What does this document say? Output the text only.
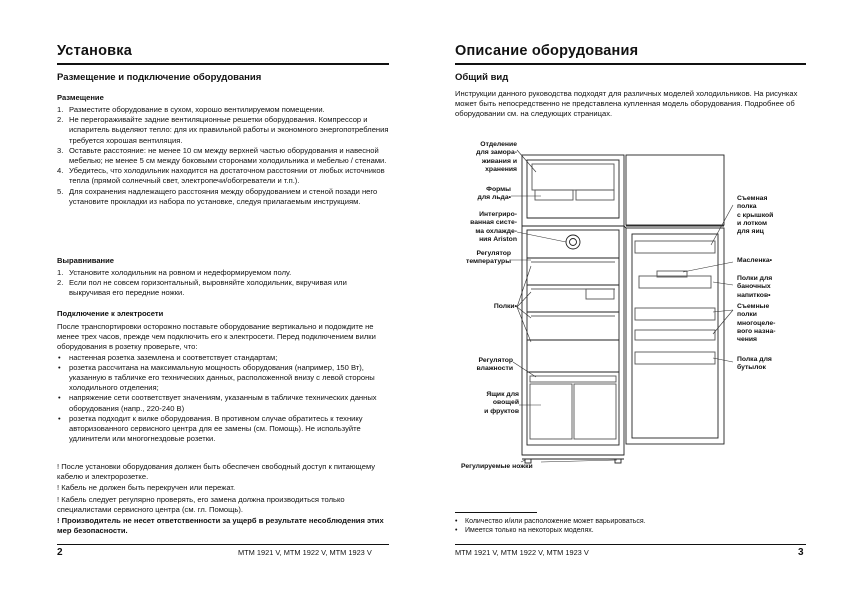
Установка
Размещение и подключение оборудования
Размещение
1. Разместите оборудование в сухом, хорошо вентилируемом помещении.
2. Не перегораживайте задние вентиляционные решетки оборудования. Компрессор и испаритель выделяют тепло: для их правильной работы и экономного энергопотребления требуется хорошая вентиляция.
3. Оставьте расстояние: не менее 10 см между верхней частью оборудования и навесной мебелью; не менее 5 см между боковыми сторонами холодильника и мебелью / стенами.
4. Убедитесь, что холодильник находится на достаточном расстоянии от любых источников тепла (прямой солнечный свет, электропечи/обогреватели и т.п.).
5. Для сохранения надлежащего расстояния между оборудованием и стеной позади него установите прокладки из набора по установке, следуя прилагаемым инструкциям.
Выравнивание
1. Установите холодильник на ровном и недеформируемом полу.
2. Если пол не совсем горизонтальный, выровняйте холодильник, вкручивая или выкручивая его передние ножки.
Подключение к электросети

После транспортировки осторожно поставьте оборудование вертикально и подождите не менее трех часов, прежде чем подключить его к электросети. Перед подключением вилки оборудования в розетку проверьте, что:

• настенная розетка заземлена и соответствует стандартам;
• розетка рассчитана на максимальную мощность оборудования (например, 150 Вт), указанную в табличке его технических данных, расположенной внизу с левой стороны холодильного отделения;
• напряжение сети соответствует значениям, указанным в табличке технических данных оборудования (напр., 220-240 В)
• розетка подходит к вилке оборудования. В противном случае обратитесь к технику авторизованного сервисного центра для ее замены (см. Помощь). Не используйте удлинители или многогнездовые розетки.

! После установки оборудования должен быть обеспечен свободный доступ к питающему кабелю и электророзетке.

! Кабель не должен быть перекручен или пережат.

! Кабель следует регулярно проверять, его замена должна производиться только специалистами сервисного центра (см. гл. Помощь).

! Производитель не несет ответственности за ущерб в результате несоблюдения этих мер безопасности.

2	MTM 1921 V, MTM 1922 V, MTM 1923 V
Описание оборудования
Общий вид
Инструкции данного руководства подходят для различных моделей холодильников. На рисунках может быть непосредственно не представлена купленная модель оборудования. Подробнее об оборудовании см. на следующих страницах.
Отделение
для замора-
живания и
хранения
Формы
для льда•
Интегриро-
ванная систе-
ма охлажде-
ния Ariston
Регулятор
температуры
Полки•
Регулятор
влажности
Ящик для
овощей
и фруктов
Съемная
полка
с крышкой
и лотком
для яиц
Масленка•
Полки для
баночных
напитков•
Съемные
полки
многоцеле-
вого назна-
чения
Полка для
бутылок
Регулируемые ножки
• Количество и/или расположение может варьироваться.
• Имеется только на некоторых моделях.
MTM 1921 V, MTM 1922 V, MTM 1923 V	3
